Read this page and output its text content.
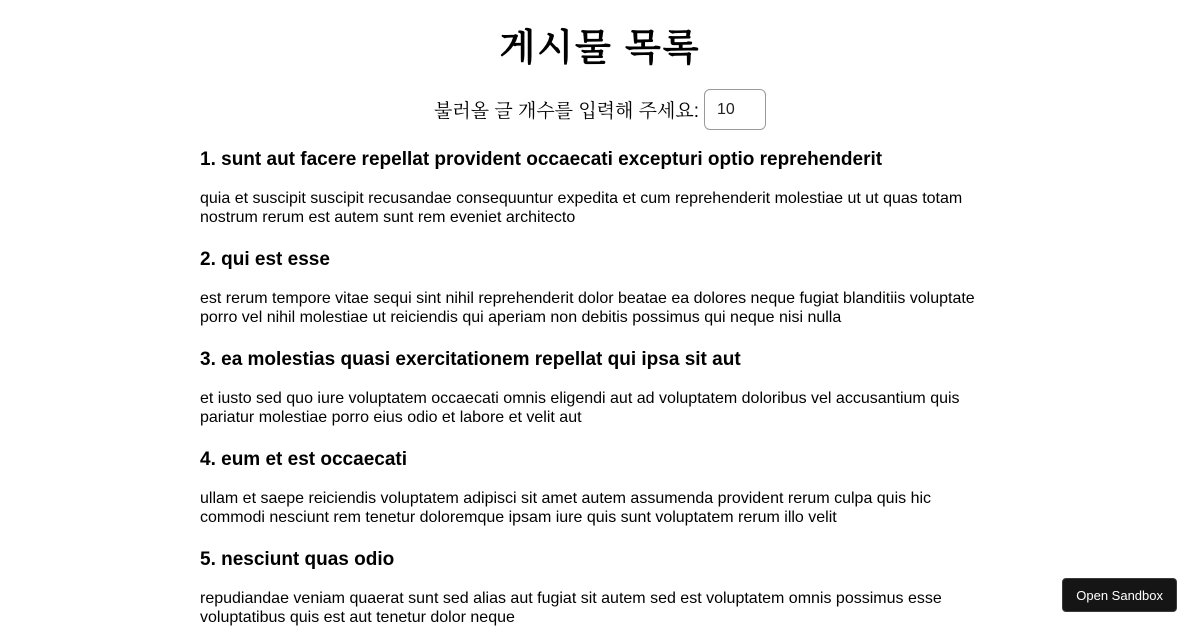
게시물 목록
불러올 글 개수를 입력해 주세요:
10
1. sunt aut facere repellat provident occaecati excepturi optio reprehenderit

quia et suscipit suscipit recusandae consequuntur expedita et cum reprehenderit molestiae ut ut quas totam nostrum rerum est autem sunt rem eveniet architecto

2. qui est esse

est rerum tempore vitae sequi sint nihil reprehenderit dolor beatae ea dolores neque fugiat blanditiis voluptate porro vel nihil molestiae ut reiciendis qui aperiam non debitis possimus qui neque nisi nulla

3. ea molestias quasi exercitationem repellat qui ipsa sit aut

et iusto sed quo iure voluptatem occaecati omnis eligendi aut ad voluptatem doloribus vel accusantium quis pariatur molestiae porro eius odio et labore et velit aut

4. eum et est occaecati

ullam et saepe reiciendis voluptatem adipisci sit amet autem assumenda provident rerum culpa quis hic commodi nesciunt rem tenetur doloremque ipsam iure quis sunt voluptatem rerum illo velit

5. nesciunt quas odio

repudiandae veniam quaerat sunt sed alias aut fugiat sit autem sed est voluptatem omnis possimus esse voluptatibus quis est aut tenetur dolor neque

Open Sandbox
